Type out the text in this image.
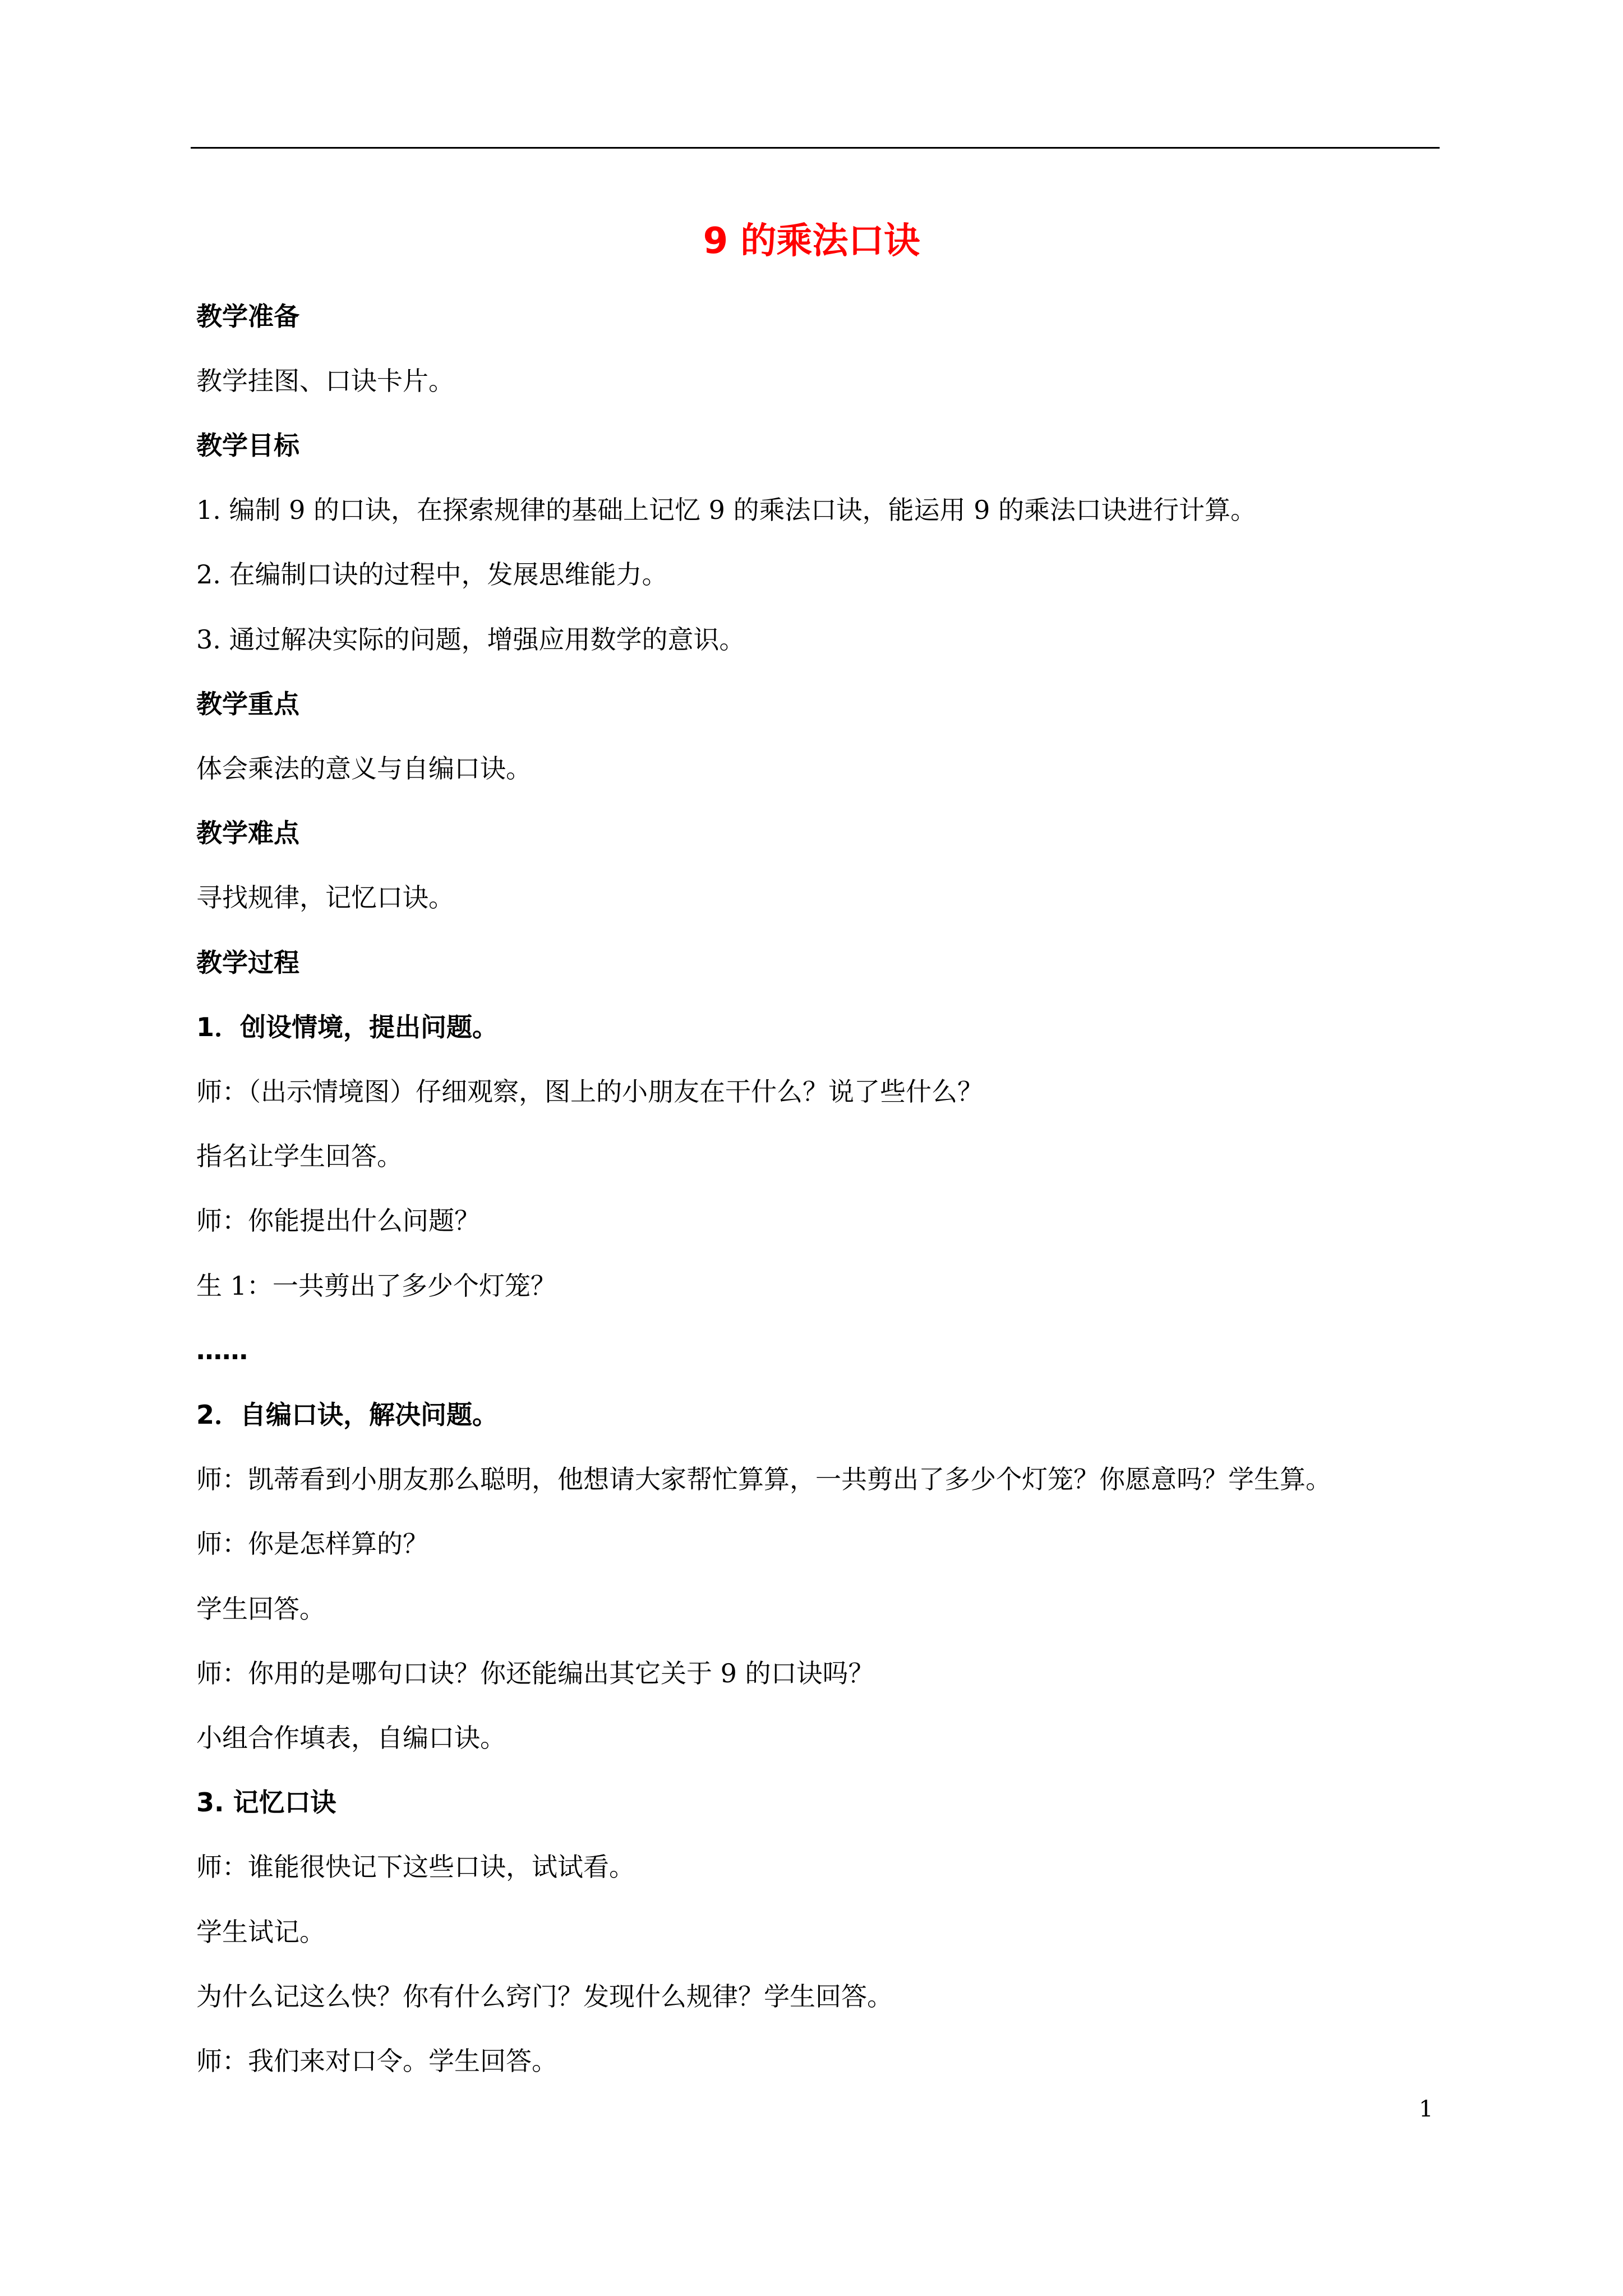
9 的乘法口诀

教学准备

教学挂图、口诀卡片。

教学目标

1. 编制 9 的口诀，在探索规律的基础上记忆 9 的乘法口诀，能运用 9 的乘法口诀进行计算。

2. 在编制口诀的过程中，发展思维能力。

3. 通过解决实际的问题，增强应用数学的意识。

教学重点

体会乘法的意义与自编口诀。

教学难点

寻找规律，记忆口诀。

教学过程

1．创设情境，提出问题。

师：（出示情境图）仔细观察，图上的小朋友在干什么？说了些什么？

指名让学生回答。

师：你能提出什么问题？

生 1：一共剪出了多少个灯笼？

……

2．自编口诀，解决问题。

师：凯蒂看到小朋友那么聪明，他想请大家帮忙算算，一共剪出了多少个灯笼？你愿意吗？学生算。

师：你是怎样算的？

学生回答。

师：你用的是哪句口诀？你还能编出其它关于 9 的口诀吗？

小组合作填表，自编口诀。

3. 记忆口诀

师：谁能很快记下这些口诀，试试看。

学生试记。

为什么记这么快？你有什么窍门？发现什么规律？学生回答。

师：我们来对口令。学生回答。

1
